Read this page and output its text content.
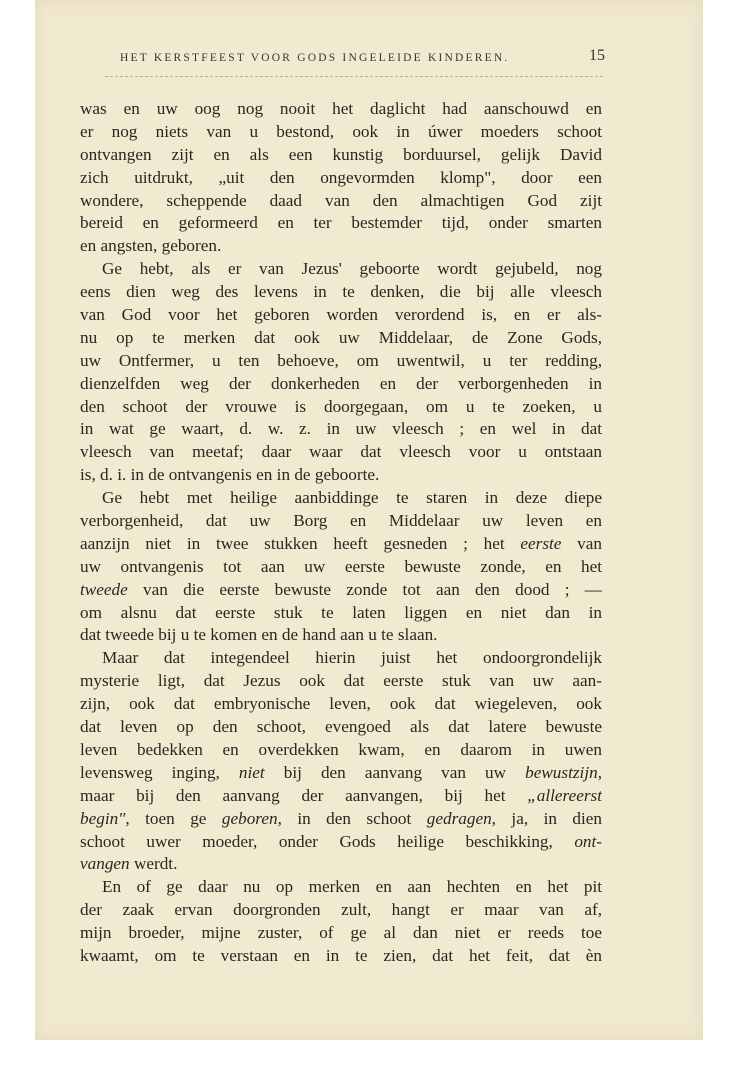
HET KERSTFEEST VOOR GODS INGELEIDE KINDEREN.	15
was en uw oog nog nooit het daglicht had aanschouwd en
er nog niets van u bestond, ook in úwer moeders schoot
ontvangen zijt en als een kunstig borduursel, gelijk David
zich uitdrukt, „uit den ongevormden klomp", door een
wondere, scheppende daad van den almachtigen God zijt
bereid en geformeerd en ter bestemder tijd, onder smarten
en angsten, geboren.
Ge hebt, als er van Jezus' geboorte wordt gejubeld, nog
eens dien weg des levens in te denken, die bij alle vleesch
van God voor het geboren worden verordend is, en er als-
nu op te merken dat ook uw Middelaar, de Zone Gods,
uw Ontfermer, u ten behoeve, om uwentwil, u ter redding,
dienzelfden weg der donkerheden en der verborgenheden in
den schoot der vrouwe is doorgegaan, om u te zoeken, u
in wat ge waart, d. w. z. in uw vleesch ; en wel in dat
vleesch van meetaf; daar waar dat vleesch voor u ontstaan
is, d. i. in de ontvangenis en in de geboorte.
Ge hebt met heilige aanbiddinge te staren in deze diepe
verborgenheid, dat uw Borg en Middelaar uw leven en
aanzijn niet in twee stukken heeft gesneden ; het eerste van
uw ontvangenis tot aan uw eerste bewuste zonde, en het
tweede van die eerste bewuste zonde tot aan den dood ; —
om alsnu dat eerste stuk te laten liggen en niet dan in
dat tweede bij u te komen en de hand aan u te slaan.
Maar dat integendeel hierin juist het ondoorgrondelijk
mysterie ligt, dat Jezus ook dat eerste stuk van uw aan-
zijn, ook dat embryonische leven, ook dat wiegeleven, ook
dat leven op den schoot, evengoed als dat latere bewuste
leven bedekken en overdekken kwam, en daarom in uwen
levensweg inging, niet bij den aanvang van uw bewustzijn,
maar bij den aanvang der aanvangen, bij het „allereerst
begin", toen ge geboren, in den schoot gedragen, ja, in dien
schoot uwer moeder, onder Gods heilige beschikking, ont-
vangen werdt.
En of ge daar nu op merken en aan hechten en het pit
der zaak ervan doorgronden zult, hangt er maar van af,
mijn broeder, mijne zuster, of ge al dan niet er reeds toe
kwaamt, om te verstaan en in te zien, dat het feit, dat èn
